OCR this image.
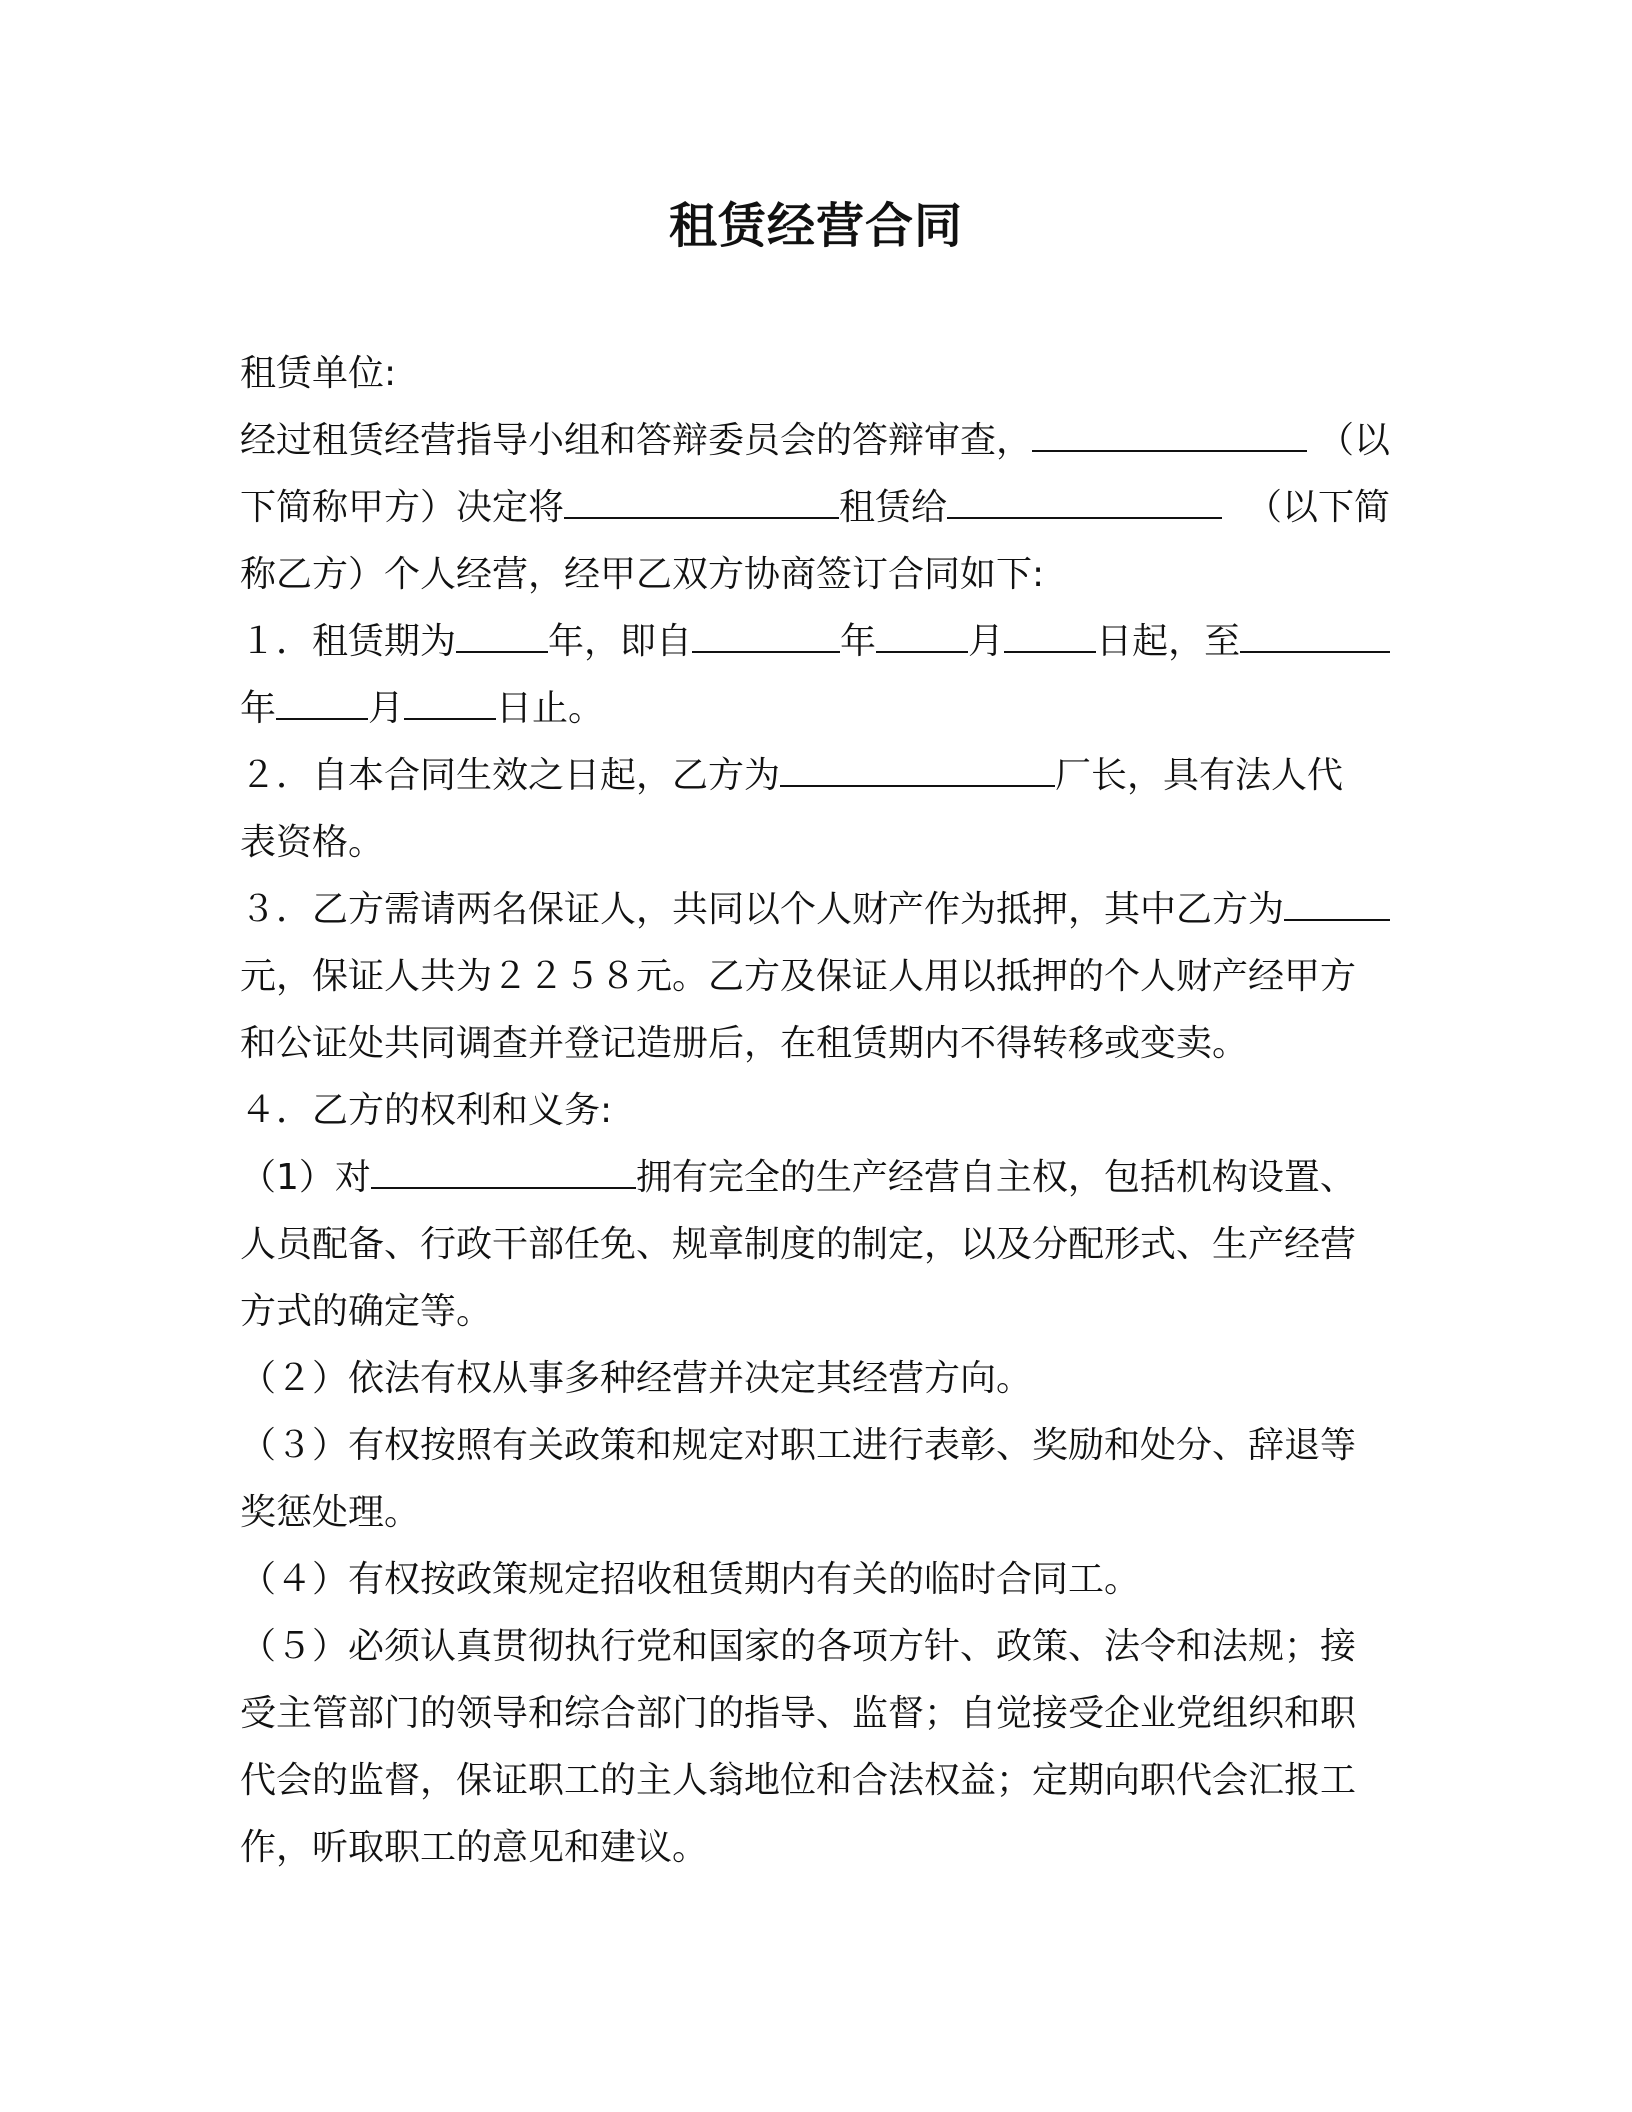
租赁经营合同
租赁单位:
经过租赁经营指导小组和答辩委员会的答辩审查，	（以
下简称甲方）决定将	租赁给	（以下简
称乙方）个人经营，经甲乙双方协商签订合同如下:
１．租赁期为	年，即自	年	月	日起，至
年	月	日止。
２．自本合同生效之日起，乙方为	厂长，具有法人代
表资格。
３．乙方需请两名保证人，共同以个人财产作为抵押，其中乙方为
元，保证人共为２２５８元。乙方及保证人用以抵押的个人财产经甲方
和公证处共同调查并登记造册后，在租赁期内不得转移或变卖。
４．乙方的权利和义务:
（1）对	拥有完全的生产经营自主权，包括机构设置、
人员配备、行政干部任免、规章制度的制定，以及分配形式、生产经营
方式的确定等。
（２）依法有权从事多种经营并决定其经营方向。
（３）有权按照有关政策和规定对职工进行表彰、奖励和处分、辞退等
奖惩处理。
（４）有权按政策规定招收租赁期内有关的临时合同工。
（５）必须认真贯彻执行党和国家的各项方针、政策、法令和法规；接
受主管部门的领导和综合部门的指导、监督；自觉接受企业党组织和职
代会的监督，保证职工的主人翁地位和合法权益；定期向职代会汇报工
作，听取职工的意见和建议。
